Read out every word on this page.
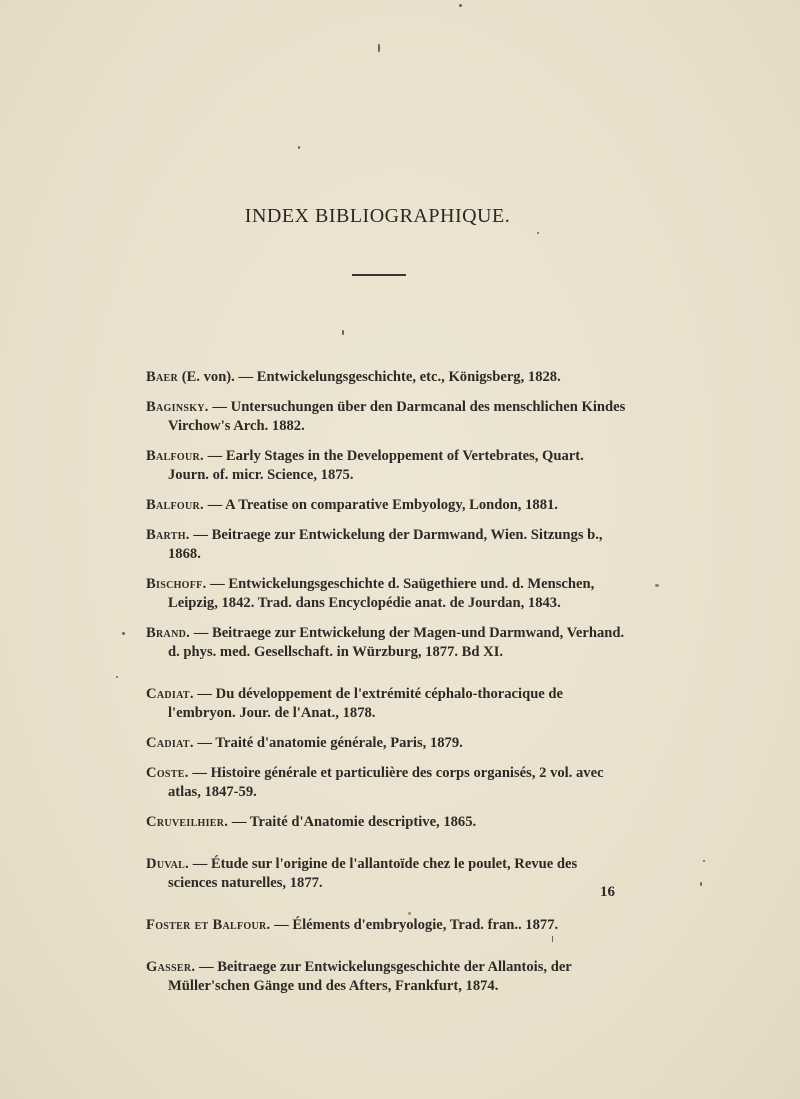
INDEX BIBLIOGRAPHIQUE.
Baer (E. von). — Entwickelungsgeschichte, etc., Königsberg, 1828.
Baginsky. — Untersuchungen über den Darmcanal des menschlichen Kindes Virchow's Arch. 1882.
Balfour. — Early Stages in the Developpement of Vertebrates, Quart. Journ. of. micr. Science, 1875.
Balfour. — A Treatise on comparative Embyology, London, 1881.
Barth. — Beitraege zur Entwickelung der Darmwand, Wien. Sitzungs b., 1868.
Bischoff. — Entwickelungsgeschichte d. Saügethiere und. d. Menschen, Leipzig, 1842. Trad. dans Encyclopédie anat. de Jourdan, 1843.
Brand. — Beitraege zur Entwickelung der Magen-und Darmwand, Verhand. d. phys. med. Gesellschaft. in Würzburg, 1877. Bd XI.
Cadiat. — Du développement de l'extrémité céphalo-thoracique de l'embryon. Jour. de l'Anat., 1878.
Cadiat. — Traité d'anatomie générale, Paris, 1879.
Coste. — Histoire générale et particulière des corps organisés, 2 vol. avec atlas, 1847-59.
Cruveilhier. — Traité d'Anatomie descriptive, 1865.
Duval. — Étude sur l'origine de l'allantoïde chez le poulet, Revue des sciences naturelles, 1877.
Foster et Balfour. — Éléments d'embryologie, Trad. fran.. 1877.
Gasser. — Beitraege zur Entwickelungsgeschichte der Allantois, der Müller'schen Gänge und des Afters, Frankfurt, 1874.
16
